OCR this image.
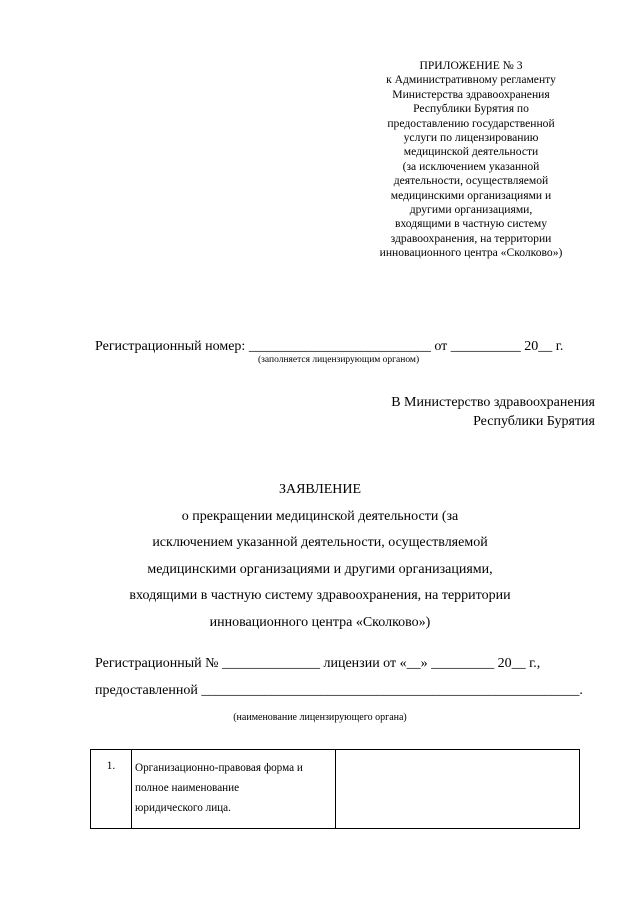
ПРИЛОЖЕНИЕ № 3
к Административному регламенту
Министерства здравоохранения
Республики Бурятия по
предоставлению государственной
услуги по лицензированию
медицинской деятельности
(за исключением указанной
деятельности, осуществляемой
медицинскими организациями и
другими организациями,
входящими в частную систему
здравоохранения, на территории
инновационного центра «Сколково»)
Регистрационный номер: __________________________ от __________ 20__ г.
(заполняется лицензирующим органом)
В Министерство здравоохранения
Республики Бурятия
ЗАЯВЛЕНИЕ
о прекращении медицинской деятельности (за
исключением указанной деятельности, осуществляемой
медицинскими организациями и другими организациями,
входящими в частную систему здравоохранения, на территории
инновационного центра «Сколково»)
Регистрационный № ______________ лицензии от «__» _________ 20__ г.,
предоставленной ______________________________________________________.
(наименование лицензирующего органа)
1.	Организационно-правовая форма и
полное наименование
юридического лица.
